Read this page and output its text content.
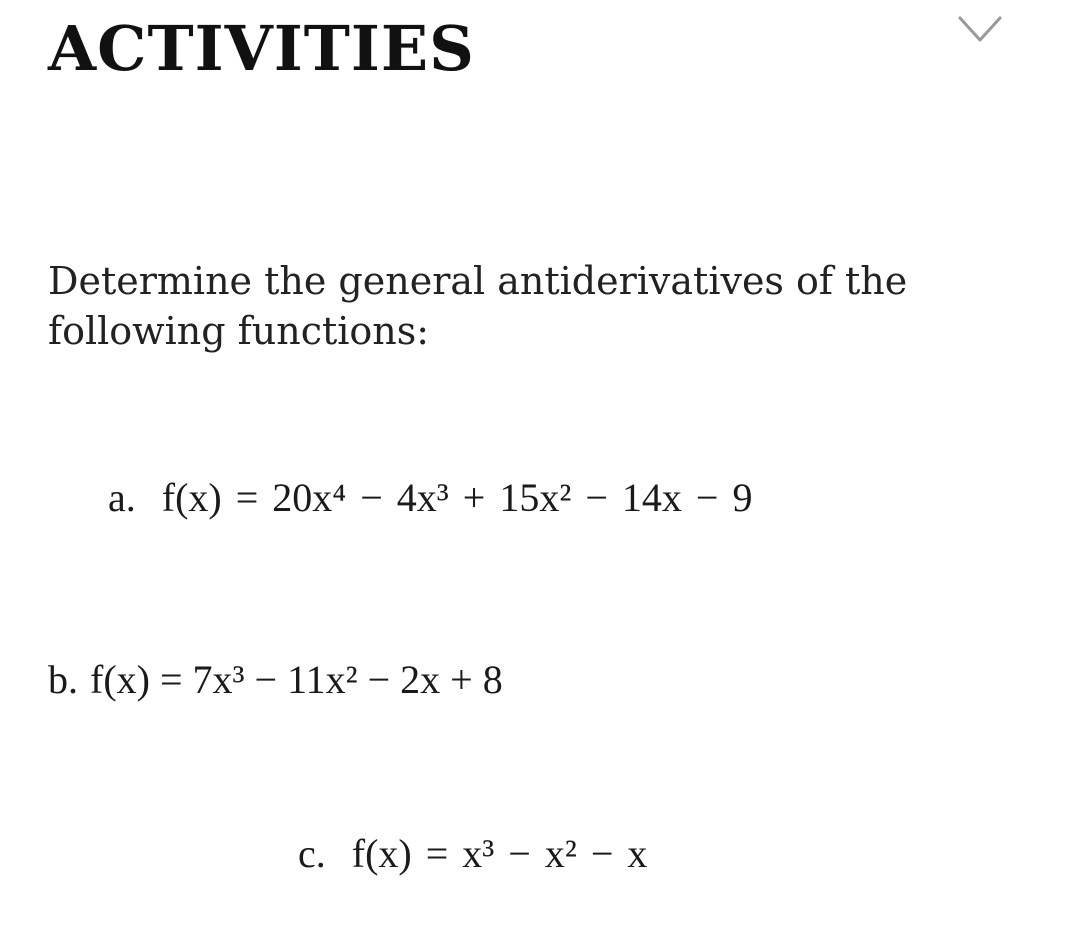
ACTIVITIES

Determine the general antiderivatives of the following functions:

a. f(x) = 20x⁴ − 4x³ + 15x² − 14x − 9
b. f(x) = 7x³ − 11x² − 2x + 8
c. f(x) = x³ − x² − x
